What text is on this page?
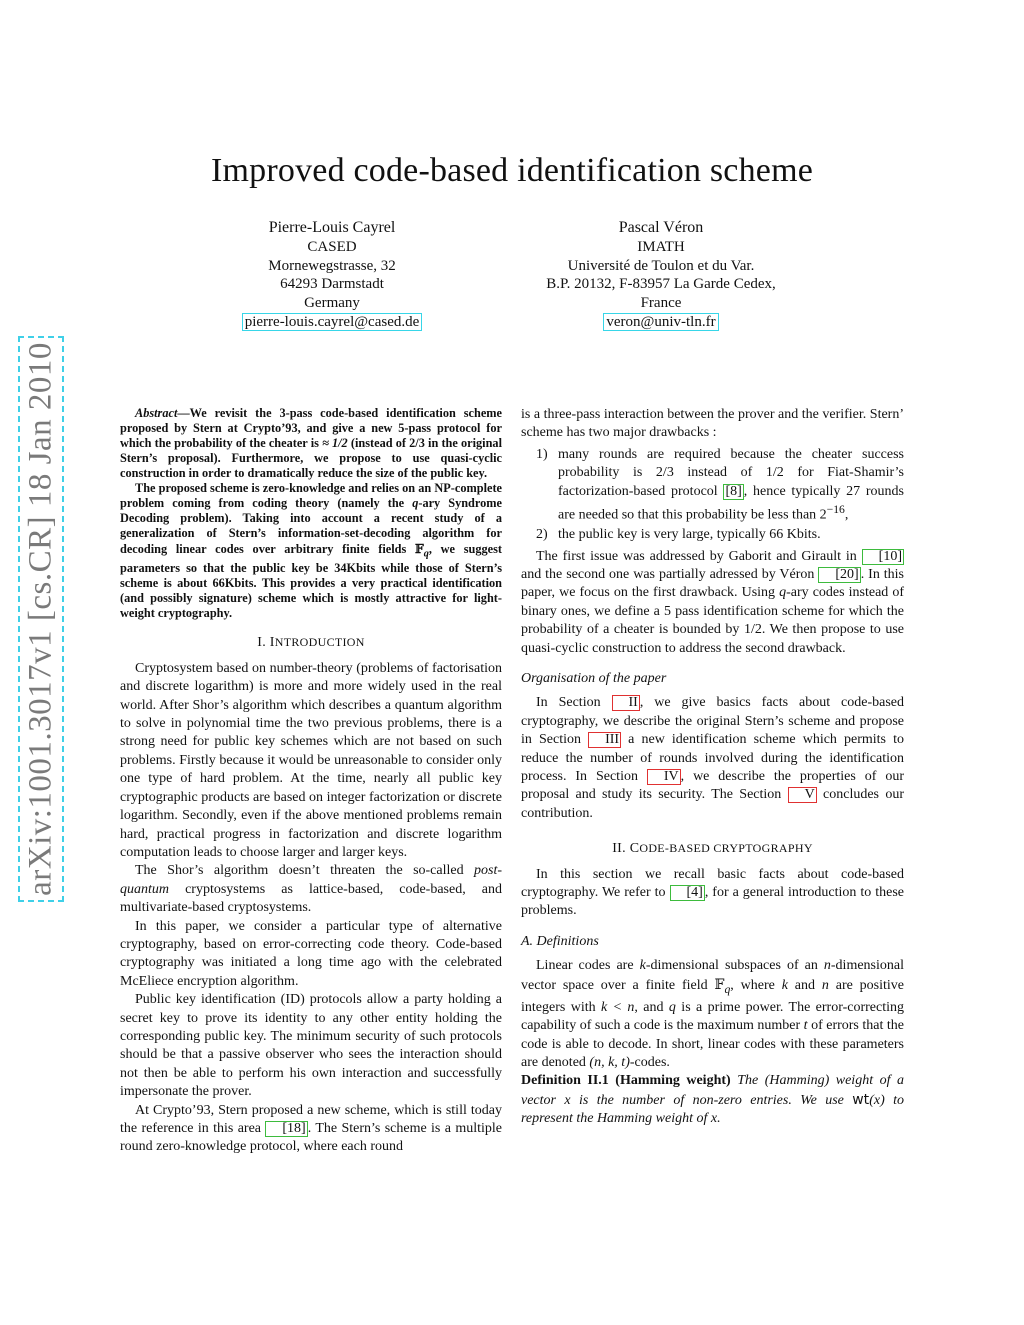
arXiv:1001.3017v1 [cs.CR] 18 Jan 2010
Improved code-based identification scheme
Pierre-Louis Cayrel
CASED
Mornewegstrasse, 32
64293 Darmstadt
Germany
pierre-louis.cayrel@cased.de
Pascal Véron
IMATH
Université de Toulon et du Var.
B.P. 20132, F-83957 La Garde Cedex,
France
veron@univ-tln.fr

Abstract—We revisit the 3-pass code-based identification scheme proposed by Stern at Crypto’93, and give a new 5-pass protocol for which the probability of the cheater is ≈ 1/2 (instead of 2/3 in the original Stern’s proposal). Furthermore, we propose to use quasi-cyclic construction in order to dramatically reduce the size of the public key.

The proposed scheme is zero-knowledge and relies on an NP-complete problem coming from coding theory (namely the q-ary Syndrome Decoding problem). Taking into account a recent study of a generalization of Stern’s information-set-decoding algorithm for decoding linear codes over arbitrary finite fields 𝔽$_q$, we suggest parameters so that the public key be 34Kbits while those of Stern’s scheme is about 66Kbits. This provides a very practical identification (and possibly signature) scheme which is mostly attractive for light-weight cryptography.

I. INTRODUCTION

Cryptosystem based on number-theory (problems of factorisation and discrete logarithm) is more and more widely used in the real world. After Shor’s algorithm which describes a quantum algorithm to solve in polynomial time the two previous problems, there is a strong need for public key schemes which are not based on such problems. Firstly because it would be unreasonable to consider only one type of hard problem. At the time, nearly all public key cryptographic products are based on integer factorization or discrete logarithm. Secondly, even if the above mentioned problems remain hard, practical progress in factorization and discrete logarithm computation leads to choose larger and larger keys.

The Shor’s algorithm doesn’t threaten the so-called post-quantum cryptosystems as lattice-based, code-based, and multivariate-based cryptosystems.

In this paper, we consider a particular type of alternative cryptography, based on error-correcting code theory. Code-based cryptography was initiated a long time ago with the celebrated McEliece encryption algorithm.

Public key identification (ID) protocols allow a party holding a secret key to prove its identity to any other entity holding the corresponding public key. The minimum security of such protocols should be that a passive observer who sees the interaction should not then be able to perform his own interaction and successfully impersonate the prover.

At Crypto’93, Stern proposed a new scheme, which is still today the reference in this area [18] . The Stern’s scheme is a multiple round zero-knowledge protocol, where each round

is a three-pass interaction between the prover and the verifier. Stern’ scheme has two major drawbacks :

1) many rounds are required because the cheater success probability is 2/3 instead of 1/2 for Fiat-Shamir’s factorization-based protocol [8] , hence typically 27 rounds are needed so that this probability be less than $2^{-16}$,
2) the public key is very large, typically 66 Kbits.

The first issue was addressed by Gaborit and Girault in [10] and the second one was partially adressed by Véron [20] . In this paper, we focus on the first drawback. Using q-ary codes instead of binary ones, we define a 5 pass identification scheme for which the probability of a cheater is bounded by 1/2. We then propose to use quasi-cyclic construction to address the second drawback.

Organisation of the paper

In Section II , we give basics facts about code-based cryptography, we describe the original Stern’s scheme and propose in Section III a new identification scheme which permits to reduce the number of rounds involved during the identification process. In Section IV , we describe the properties of our proposal and study its security. The Section V concludes our contribution.

II. CODE-BASED CRYPTOGRAPHY

In this section we recall basic facts about code-based cryptography. We refer to [4] , for a general introduction to these problems.

A. Definitions

Linear codes are k-dimensional subspaces of an n-dimensional vector space over a finite field 𝔽$_q$, where k and n are positive integers with k < n, and q is a prime power. The error-correcting capability of such a code is the maximum number t of errors that the code is able to decode. In short, linear codes with these parameters are denoted (n, k, t)-codes.

Definition II.1 (Hamming weight) The (Hamming) weight of a vector x is the number of non-zero entries. We use wt(x) to represent the Hamming weight of x.
